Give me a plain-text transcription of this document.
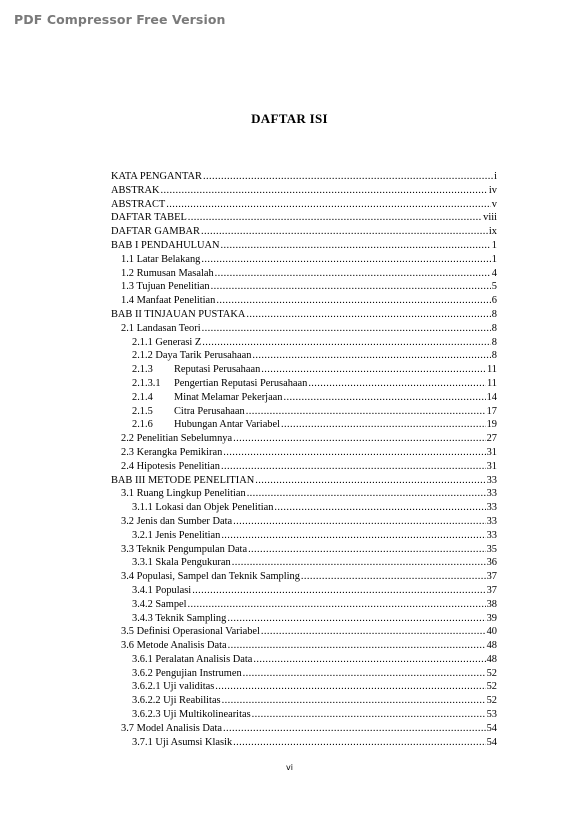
PDF Compressor Free Version
DAFTAR ISI
KATA PENGANTAR .....	i
ABSTRAK .....	iv
ABSTRACT .....	v
DAFTAR TABEL .....	viii
DAFTAR GAMBAR .....	ix
BAB I PENDAHULUAN .....	1
1.1 Latar Belakang .....	1
1.2 Rumusan Masalah .....	4
1.3 Tujuan Penelitian .....	5
1.4 Manfaat Penelitian .....	6
BAB II TINJAUAN PUSTAKA .....	8
2.1 Landasan Teori .....	8
2.1.1 Generasi Z .....	8
2.1.2 Daya Tarik Perusahaan .....	8
2.1.3 Reputasi Perusahaan .....	11
2.1.3.1 Pengertian Reputasi Perusahaan .....	11
2.1.4 Minat Melamar Pekerjaan .....	14
2.1.5 Citra Perusahaan .....	17
2.1.6 Hubungan Antar Variabel .....	19
2.2 Penelitian Sebelumnya .....	27
2.3 Kerangka Pemikiran .....	31
2.4 Hipotesis Penelitian .....	31
BAB III METODE PENELITIAN .....	33
3.1 Ruang Lingkup Penelitian .....	33
3.1.1 Lokasi dan Objek Penelitian .....	33
3.2 Jenis dan Sumber Data .....	33
3.2.1 Jenis Penelitian .....	33
3.3 Teknik Pengumpulan Data .....	35
3.3.1 Skala Pengukuran .....	36
3.4 Populasi, Sampel dan Teknik Sampling .....	37
3.4.1 Populasi .....	37
3.4.2 Sampel .....	38
3.4.3 Teknik Sampling .....	39
3.5 Definisi Operasional Variabel .....	40
3.6 Metode Analisis Data .....	48
3.6.1 Peralatan Analisis Data .....	48
3.6.2 Pengujian Instrumen .....	52
3.6.2.1 Uji validitas .....	52
3.6.2.2 Uji Reabilitas .....	52
3.6.2.3 Uji Multikolinearitas .....	53
3.7 Model Analisis Data .....	54
3.7.1 Uji Asumsi Klasik .....	54
vi
